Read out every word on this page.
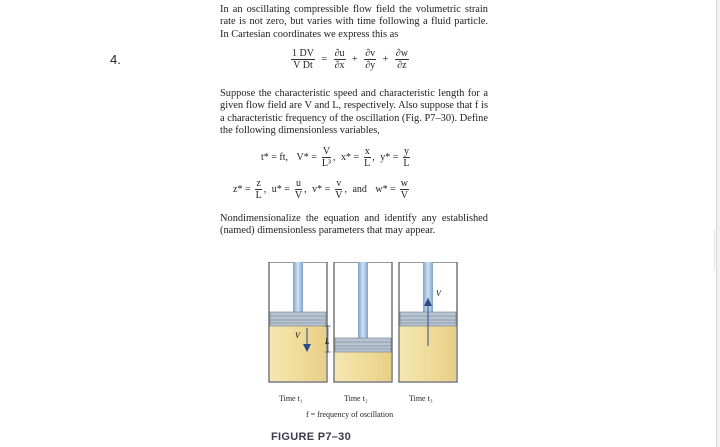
4.
In an oscillating compressible flow field the volumetric strain rate is not zero, but varies with time following a fluid particle. In Cartesian coordinates we express this as
$\frac{1 DV}{\text{V Dt}} = \frac{\partial u}{\partial x} + \frac{\partial v}{\partial y} + \frac{\partial w}{\partial z}$
Suppose the characteristic speed and characteristic length for a given flow field are V and L, respectively. Also suppose that f is a characteristic frequency of the oscillation (Fig. P7–30). Define the following dimensionless variables,
t* = ft, $V* = \frac{V}{\text{L³}}$ , $x* = \frac{x}{L}$ , $y* = \frac{y}{L}$
$z* = \frac{z}{L}$ , $u* = \frac{u}{V}$ , $v* = \frac{v}{V}$ , and $w* = \frac{w}{V}$
Nondimensionalize the equation and identify any established (named) dimensionless parameters that may appear.
V
L
V
Time t₁	Time t₂	Time t₃
f = frequency of oscillation
FIGURE P7–30
